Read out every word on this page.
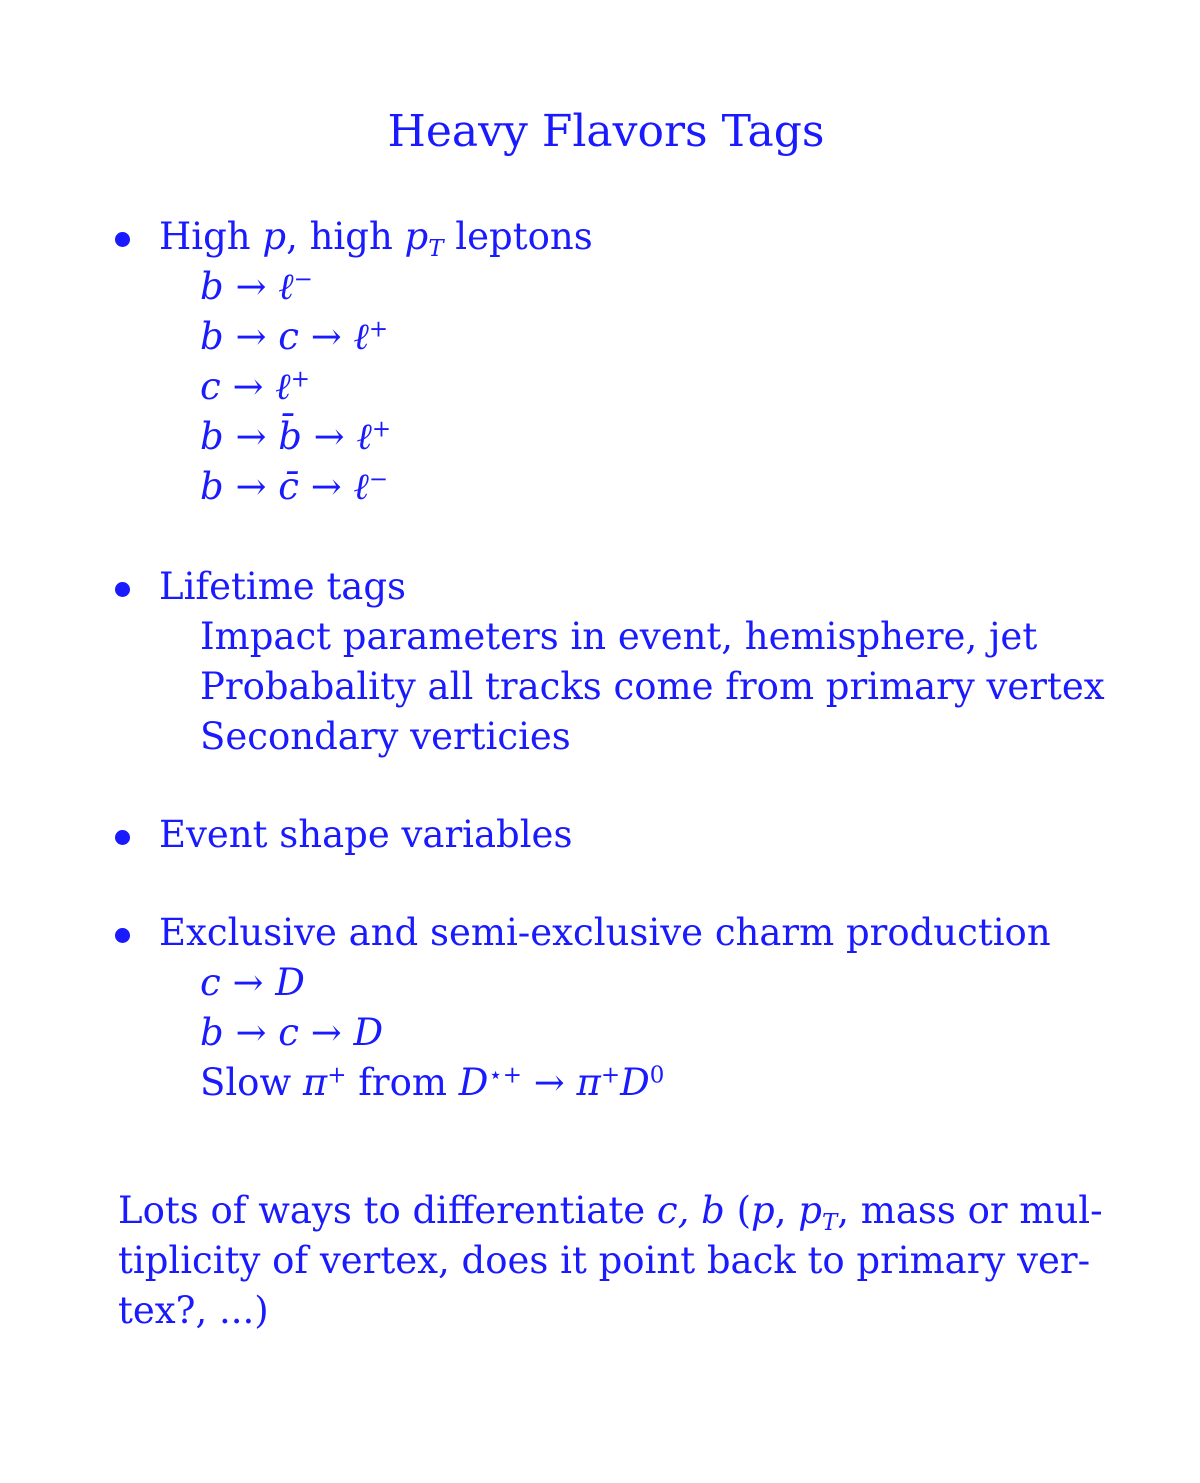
Heavy Flavors Tags
High p, high $p_T$ leptons
b → ℓ−
b → c → ℓ+
c → ℓ+
b → b̄ → ℓ+
b → c̄ → ℓ−
Lifetime tags
Impact parameters in event, hemisphere, jet
Probabality all tracks come from primary vertex
Secondary verticies
Event shape variables
Exclusive and semi-exclusive charm production
c → D
b → c → D
Slow π+ from $D^{⋆+} \to \pi^+D^0$
Lots of ways to differentiate c, b (p, $p_T$, mass or mul-
tiplicity of vertex, does it point back to primary ver-
tex?, ...)
